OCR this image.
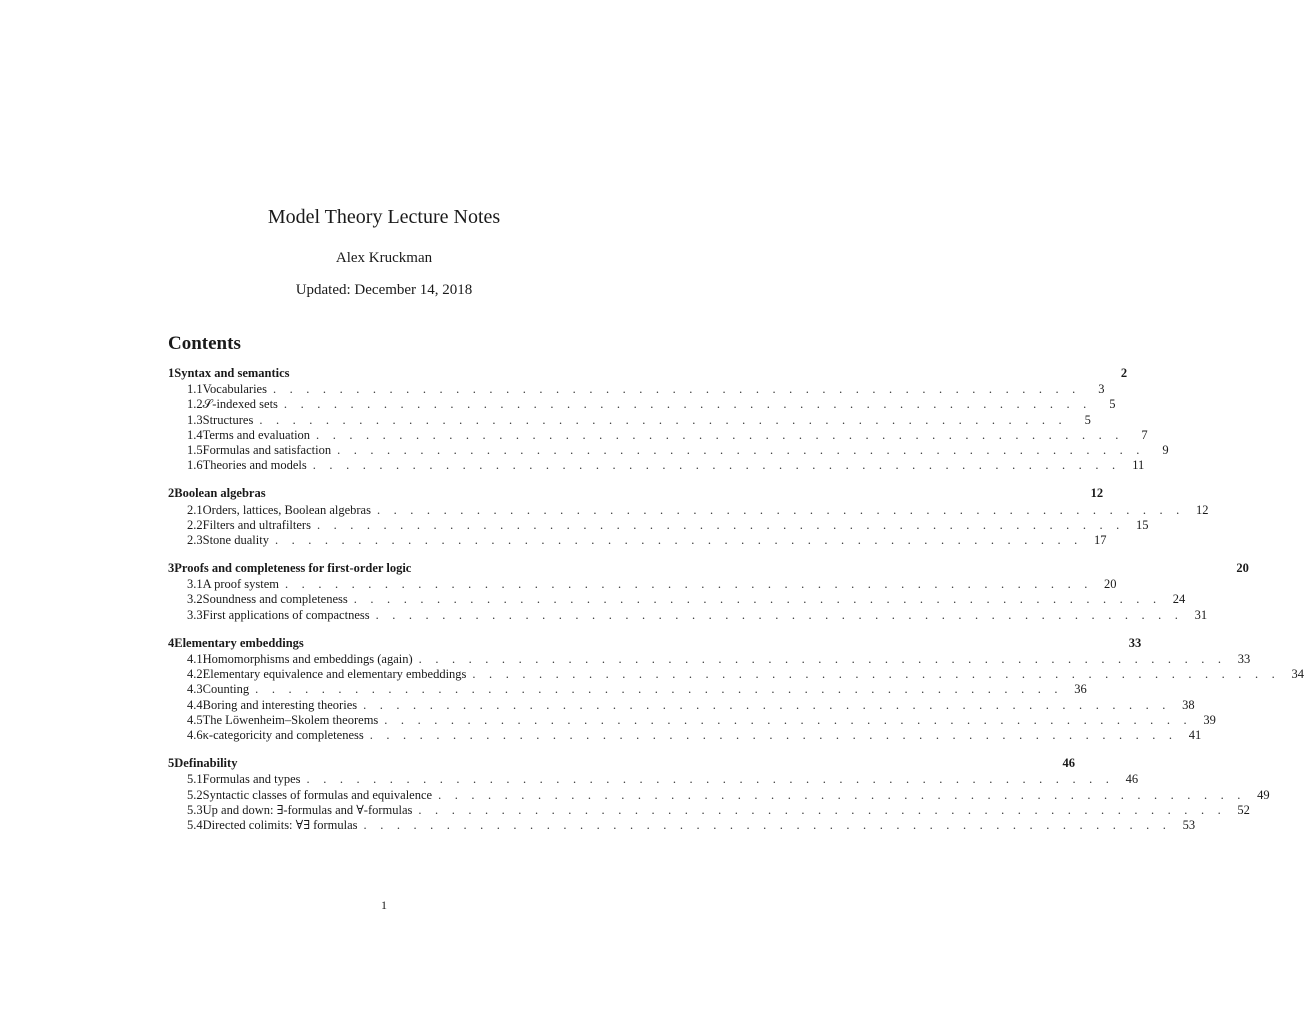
Model Theory Lecture Notes
Alex Kruckman
Updated: December 14, 2018
Contents
1 Syntax and semantics	2
1.1 Vocabularies . . . . . . . . . . . . . . . . . . . . . . . . . . . . . . . . . . . . . . . . . . . . . . . . .	3
1.2 𝒮-indexed sets . . . . . . . . . . . . . . . . . . . . . . . . . . . . . . . . . . . . . . . . . . . . . . . . .	5
1.3 Structures . . . . . . . . . . . . . . . . . . . . . . . . . . . . . . . . . . . . . . . . . . . . . . . . .	5
1.4 Terms and evaluation . . . . . . . . . . . . . . . . . . . . . . . . . . . . . . . . . . . . . . . . . . . . . . . . .	7
1.5 Formulas and satisfaction . . . . . . . . . . . . . . . . . . . . . . . . . . . . . . . . . . . . . . . . . . . . . . . . .	9
1.6 Theories and models . . . . . . . . . . . . . . . . . . . . . . . . . . . . . . . . . . . . . . . . . . . . . . . . . 11
2 Boolean algebras	12
2.1 Orders, lattices, Boolean algebras . . . . . . . . . . . . . . . . . . . . . . . . . . . . . . . . . . . . . . . . . . . . . . . . . 12
2.2 Filters and ultrafilters . . . . . . . . . . . . . . . . . . . . . . . . . . . . . . . . . . . . . . . . . . . . . . . . . 15
2.3 Stone duality . . . . . . . . . . . . . . . . . . . . . . . . . . . . . . . . . . . . . . . . . . . . . . . . . 17
3 Proofs and completeness for first-order logic	20
3.1 A proof system . . . . . . . . . . . . . . . . . . . . . . . . . . . . . . . . . . . . . . . . . . . . . . . . . 20
3.2 Soundness and completeness . . . . . . . . . . . . . . . . . . . . . . . . . . . . . . . . . . . . . . . . . . . . . . . . . 24
3.3 First applications of compactness . . . . . . . . . . . . . . . . . . . . . . . . . . . . . . . . . . . . . . . . . . . . . . . . . 31
4 Elementary embeddings	33
4.1 Homomorphisms and embeddings (again) . . . . . . . . . . . . . . . . . . . . . . . . . . . . . . . . . . . . . . . . . . . . . . . . . 33
4.2 Elementary equivalence and elementary embeddings . . . . . . . . . . . . . . . . . . . . . . . . . . . . . . . . . . . . . . . . . . . . . . . . . 34
4.3 Counting . . . . . . . . . . . . . . . . . . . . . . . . . . . . . . . . . . . . . . . . . . . . . . . . . 36
4.4 Boring and interesting theories . . . . . . . . . . . . . . . . . . . . . . . . . . . . . . . . . . . . . . . . . . . . . . . . . 38
4.5 The Löwenheim–Skolem theorems . . . . . . . . . . . . . . . . . . . . . . . . . . . . . . . . . . . . . . . . . . . . . . . . . 39
4.6 κ-categoricity and completeness . . . . . . . . . . . . . . . . . . . . . . . . . . . . . . . . . . . . . . . . . . . . . . . . . 41
5 Definability	46
5.1 Formulas and types . . . . . . . . . . . . . . . . . . . . . . . . . . . . . . . . . . . . . . . . . . . . . . . . . 46
5.2 Syntactic classes of formulas and equivalence . . . . . . . . . . . . . . . . . . . . . . . . . . . . . . . . . . . . . . . . . . . . . . . . . 49
5.3 Up and down: ∃-formulas and ∀-formulas . . . . . . . . . . . . . . . . . . . . . . . . . . . . . . . . . . . . . . . . . . . . . . . . . 52
5.4 Directed colimits: ∀∃ formulas . . . . . . . . . . . . . . . . . . . . . . . . . . . . . . . . . . . . . . . . . . . . . . . . . 53
1
